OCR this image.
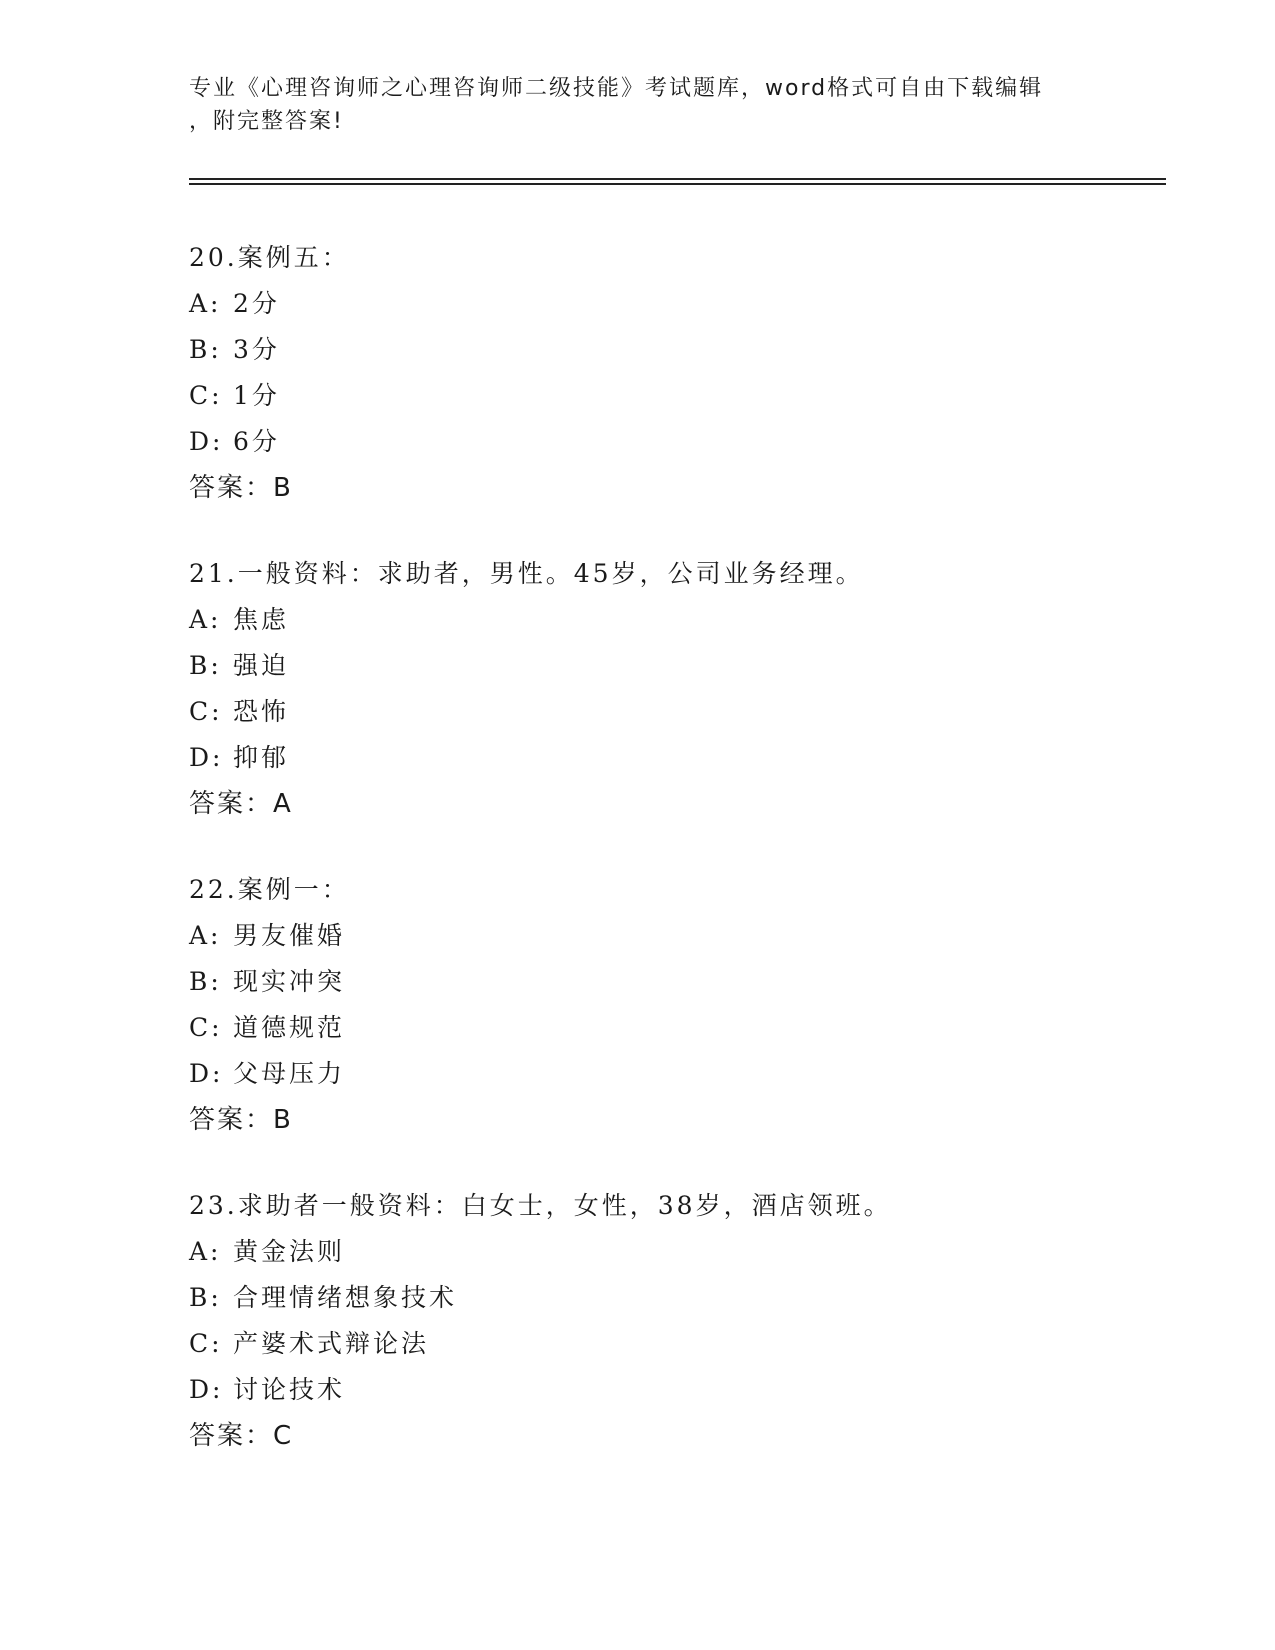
专业《心理咨询师之心理咨询师二级技能》考试题库，word格式可自由下载编辑
，附完整答案!
20.案例五：
A: 2分
B: 3分
C: 1分
D: 6分
答案：B
21.一般资料：求助者，男性。45岁，公司业务经理。
A: 焦虑
B: 强迫
C: 恐怖
D: 抑郁
答案：A
22.案例一：
A: 男友催婚
B: 现实冲突
C: 道德规范
D: 父母压力
答案：B
23.求助者一般资料：白女士，女性，38岁，酒店领班。
A: 黄金法则
B: 合理情绪想象技术
C: 产婆术式辩论法
D: 讨论技术
答案：C
